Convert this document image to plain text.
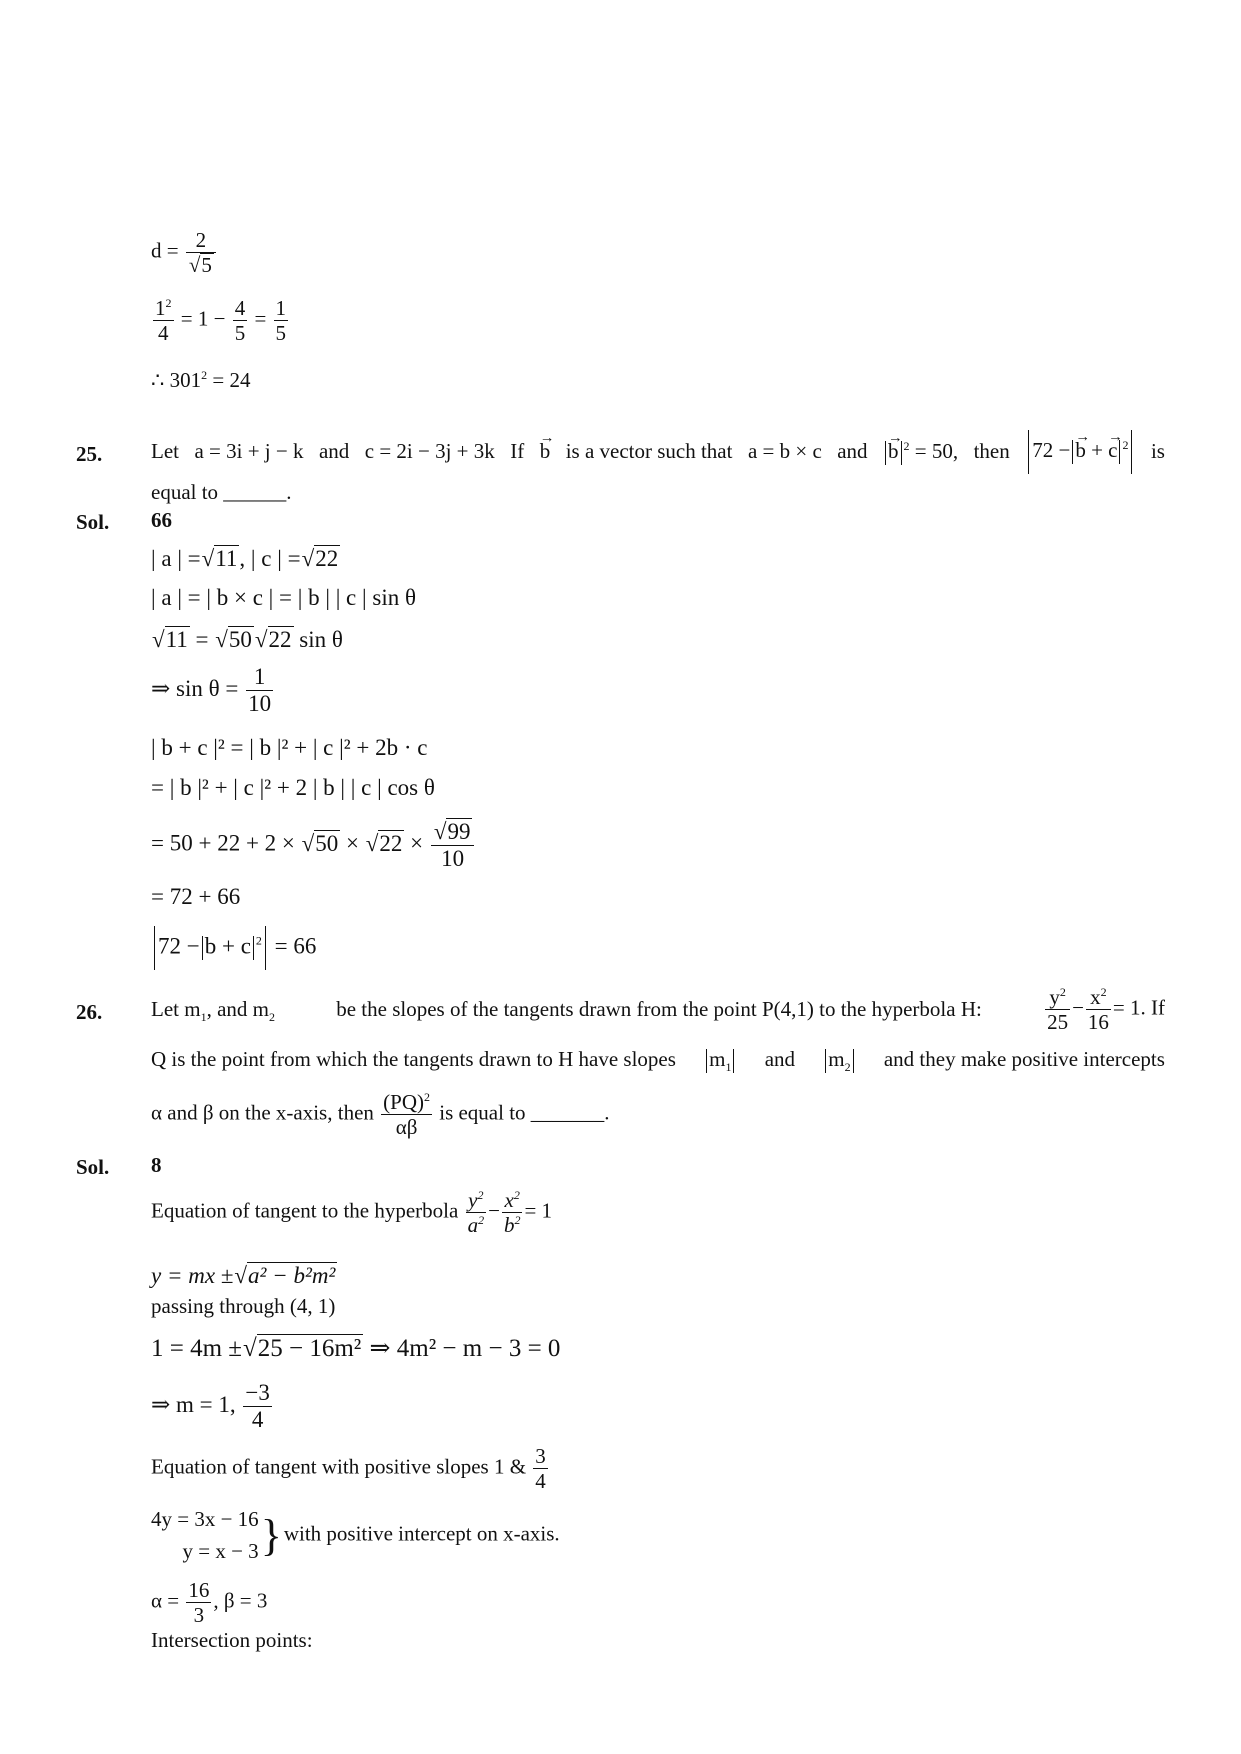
$d = \frac{2}{√5}$
$\frac{1^2}{4} = 1 - \frac{4}{5} = \frac{1}{5}$
∴ $301^2 = 24$
25. Let a = 3i + j − k and c = 2i − 3j + 3k If → b is a vector such that a = b × c and → b $^2$ = 50, then	72 − → b + → c $^2$	is
equal to ______.
Sol. 66
| a | =√11, | c | =√22
| a | = | b × c | = | b | | c | sin θ
√11 = √50 √22 sin θ
⇒ $\sin \theta = \frac{1}{10}$
| b + c |² = | b |² + | c |² + 2b · c
= | b |² + | c |² + 2 | b | | c | cos θ
= $50 + 22 + 2 \times √50 \times √22 \times \frac{√99}{10}$
= 72 + 66
72 − b + c $^2$ = 66
26. Let $m_1$, and $m_2$	be the slopes of the tangents drawn from the point P(4,1) to the hyperbola H:	$\frac{y^2}{25} - \frac{x^2}{16} = 1$. If
Q is the point from which the tangents drawn to H have slopes $m_1$ and $m_2$ and they make positive intercepts
α and β on the x-axis, then $\frac{(PQ)^2}{\alpha\beta}$ is equal to _______.
Sol. 8
Equation of tangent to the hyperbola $\frac{y^2}{a^2} - \frac{x^2}{b^2} = 1$
y = mx ±√a² − b²m²
passing through (4, 1)
1 = 4m ±√25 − 16m² ⇒ 4m² − m − 3 = 0
⇒ m = 1, $\frac{-3}{4}$
Equation of tangent with positive slopes 1 & $\frac{3}{4}$
4y = 3x − 16
y = x − 3 }with positive intercept on x-axis.
$\alpha = \frac{16}{3}$ , β = 3
Intersection points:
